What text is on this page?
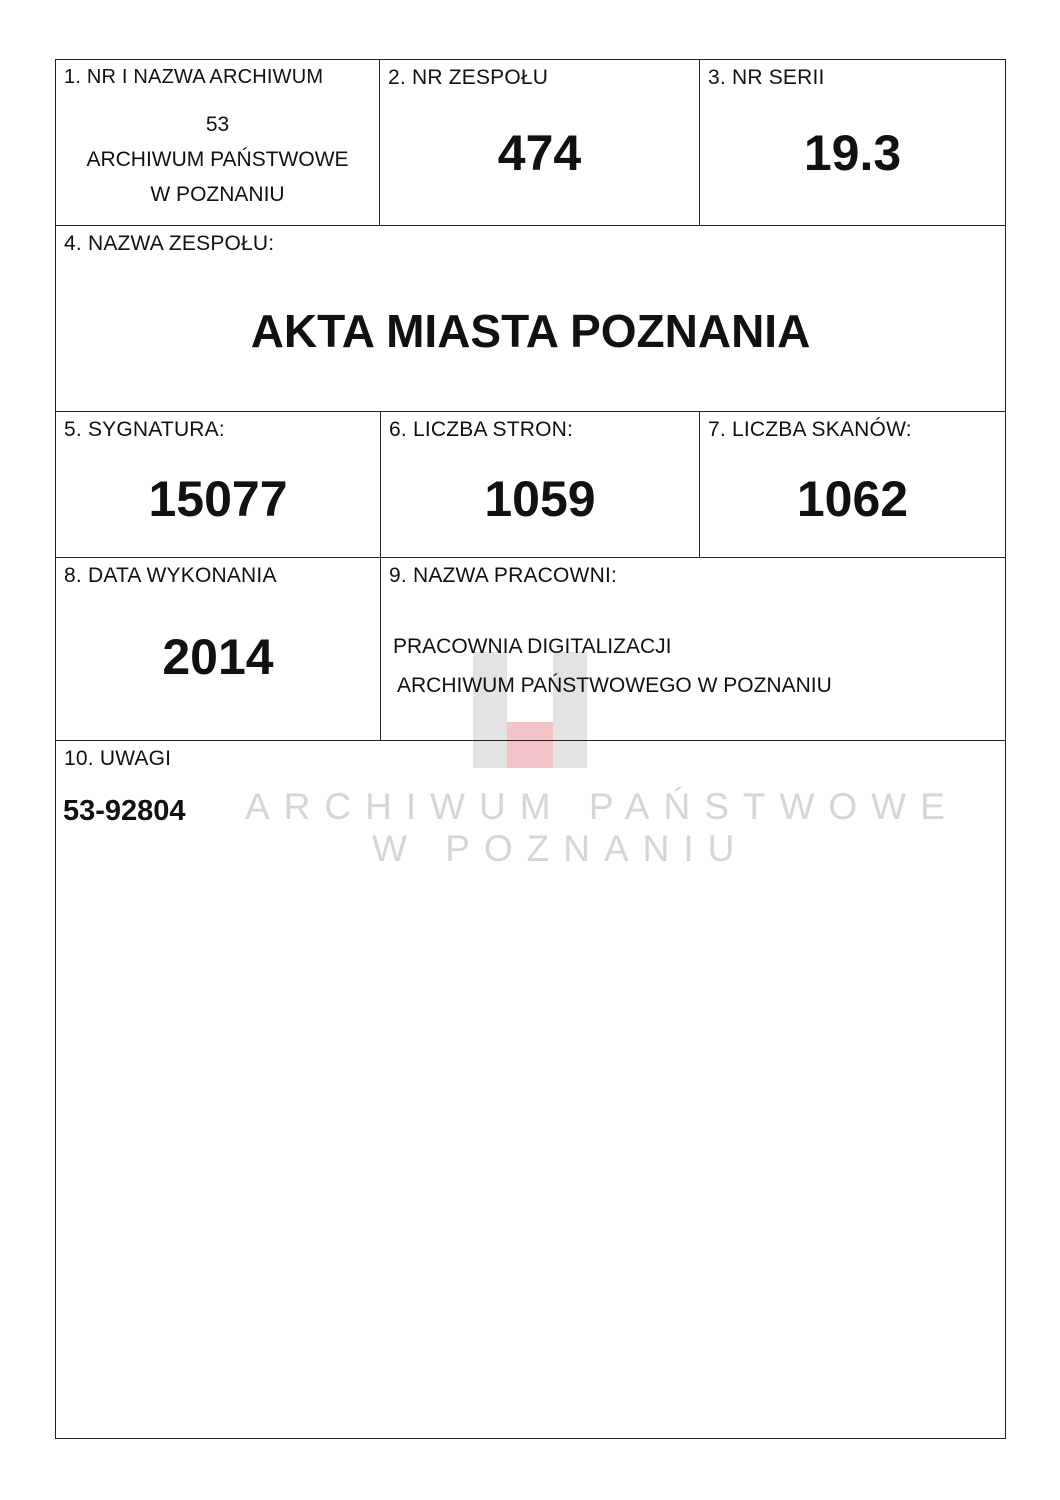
1. NR I NAZWA ARCHIWUM
53
ARCHIWUM PAŃSTWOWE
W POZNANIU
2. NR ZESPOŁU
474
3. NR SERII
19.3
4. NAZWA ZESPOŁU:
AKTA MIASTA POZNANIA
5. SYGNATURA:
15077
6. LICZBA STRON:
1059
7. LICZBA SKANÓW:
1062
8. DATA WYKONANIA
2014
9. NAZWA PRACOWNI:
PRACOWNIA DIGITALIZACJI
ARCHIWUM PAŃSTWOWEGO W POZNANIU
10. UWAGI
53-92804 ARCHIWUM PAŃSTWOWE
W POZNANIU
